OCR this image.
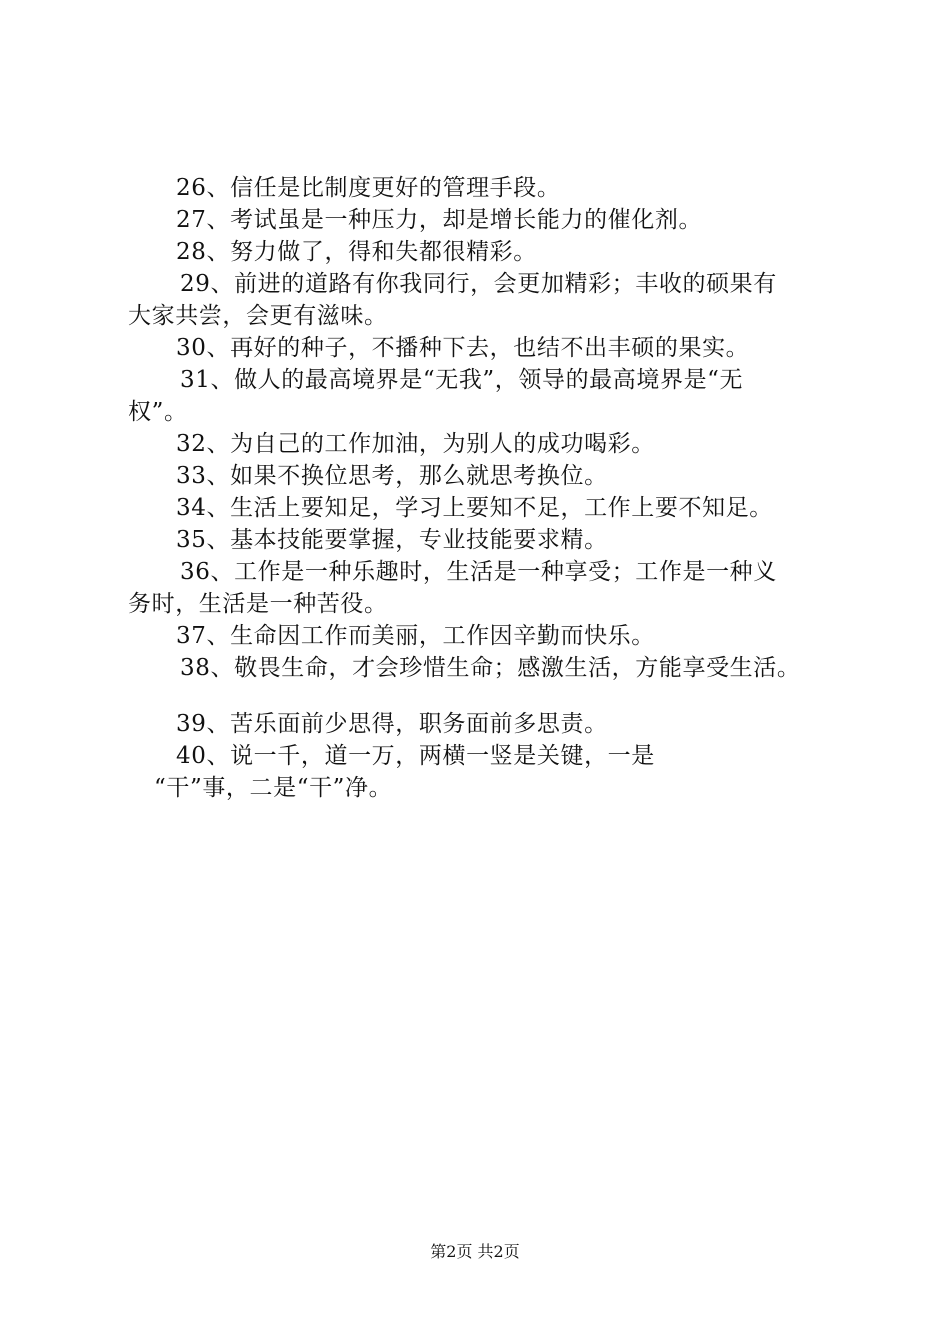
26、信任是比制度更好的管理手段。
27、考试虽是一种压力，却是增长能力的催化剂。
28、努力做了，得和失都很精彩。
29、前进的道路有你我同行，会更加精彩；丰收的硕果有
大家共尝，会更有滋味。
30、再好的种子，不播种下去，也结不出丰硕的果实。
31、做人的最高境界是“无我”，领导的最高境界是“无
权”。
32、为自己的工作加油，为别人的成功喝彩。
33、如果不换位思考，那么就思考换位。
34、生活上要知足，学习上要知不足，工作上要不知足。
35、基本技能要掌握，专业技能要求精。
36、工作是一种乐趣时，生活是一种享受；工作是一种义
务时，生活是一种苦役。
37、生命因工作而美丽，工作因辛勤而快乐。
38、敬畏生命，才会珍惜生命；感激生活，方能享受生活。
39、苦乐面前少思得，职务面前多思责。
40、说一千，道一万，两横一竖是关键，一是
“干”事，二是“干”净。
第2页 共2页
